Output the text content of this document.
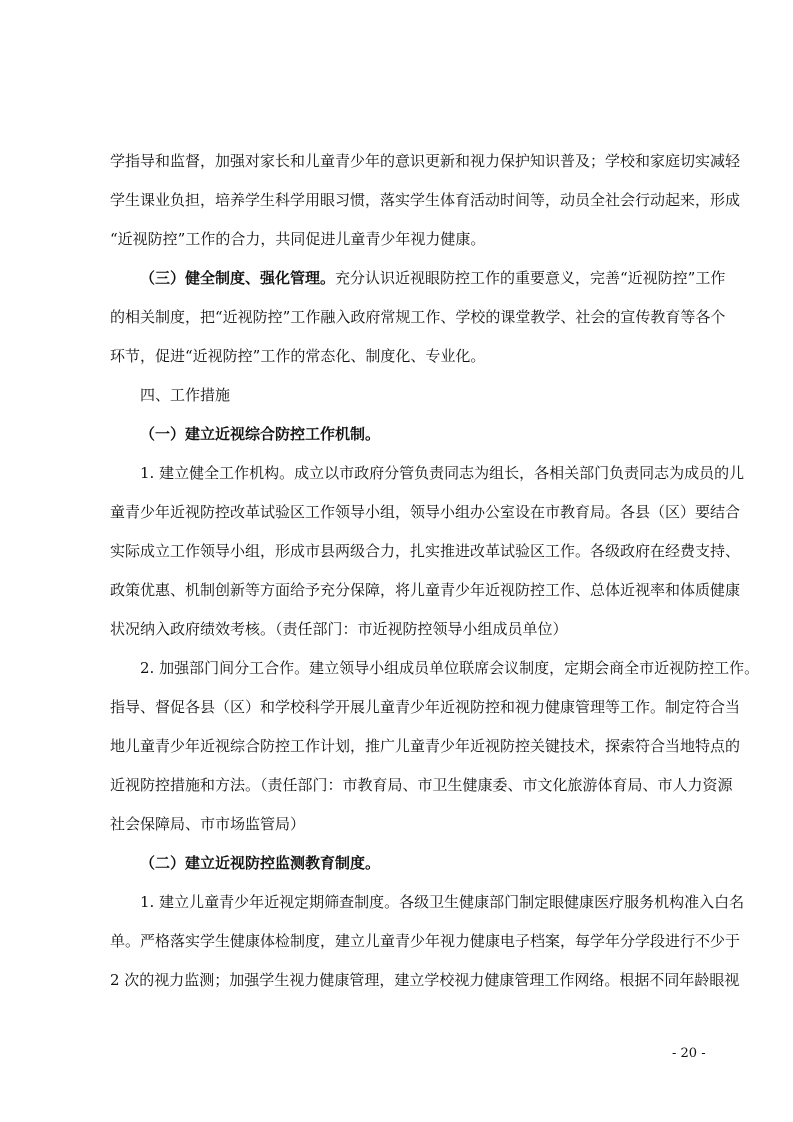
学指导和监督，加强对家长和儿童青少年的意识更新和视力保护知识普及；学校和家庭切实减轻
学生课业负担，培养学生科学用眼习惯，落实学生体育活动时间等，动员全社会行动起来，形成
“近视防控”工作的合力，共同促进儿童青少年视力健康。
（三）健全制度、强化管理。充分认识近视眼防控工作的重要意义，完善“近视防控”工作
的相关制度，把“近视防控”工作融入政府常规工作、学校的课堂教学、社会的宣传教育等各个
环节，促进“近视防控”工作的常态化、制度化、专业化。
四、工作措施
（一）建立近视综合防控工作机制。
1. 建立健全工作机构。成立以市政府分管负责同志为组长，各相关部门负责同志为成员的儿
童青少年近视防控改革试验区工作领导小组，领导小组办公室设在市教育局。各县（区）要结合
实际成立工作领导小组，形成市县两级合力，扎实推进改革试验区工作。各级政府在经费支持、
政策优惠、机制创新等方面给予充分保障，将儿童青少年近视防控工作、总体近视率和体质健康
状况纳入政府绩效考核。（责任部门：市近视防控领导小组成员单位）
2. 加强部门间分工合作。建立领导小组成员单位联席会议制度，定期会商全市近视防控工作。
指导、督促各县（区）和学校科学开展儿童青少年近视防控和视力健康管理等工作。制定符合当
地儿童青少年近视综合防控工作计划，推广儿童青少年近视防控关键技术，探索符合当地特点的
近视防控措施和方法。（责任部门：市教育局、市卫生健康委、市文化旅游体育局、市人力资源
社会保障局、市市场监管局）
（二）建立近视防控监测教育制度。
1. 建立儿童青少年近视定期筛查制度。各级卫生健康部门制定眼健康医疗服务机构准入白名
单。严格落实学生健康体检制度，建立儿童青少年视力健康电子档案，每学年分学段进行不少于
2 次的视力监测；加强学生视力健康管理，建立学校视力健康管理工作网络。根据不同年龄眼视
- 20 -
